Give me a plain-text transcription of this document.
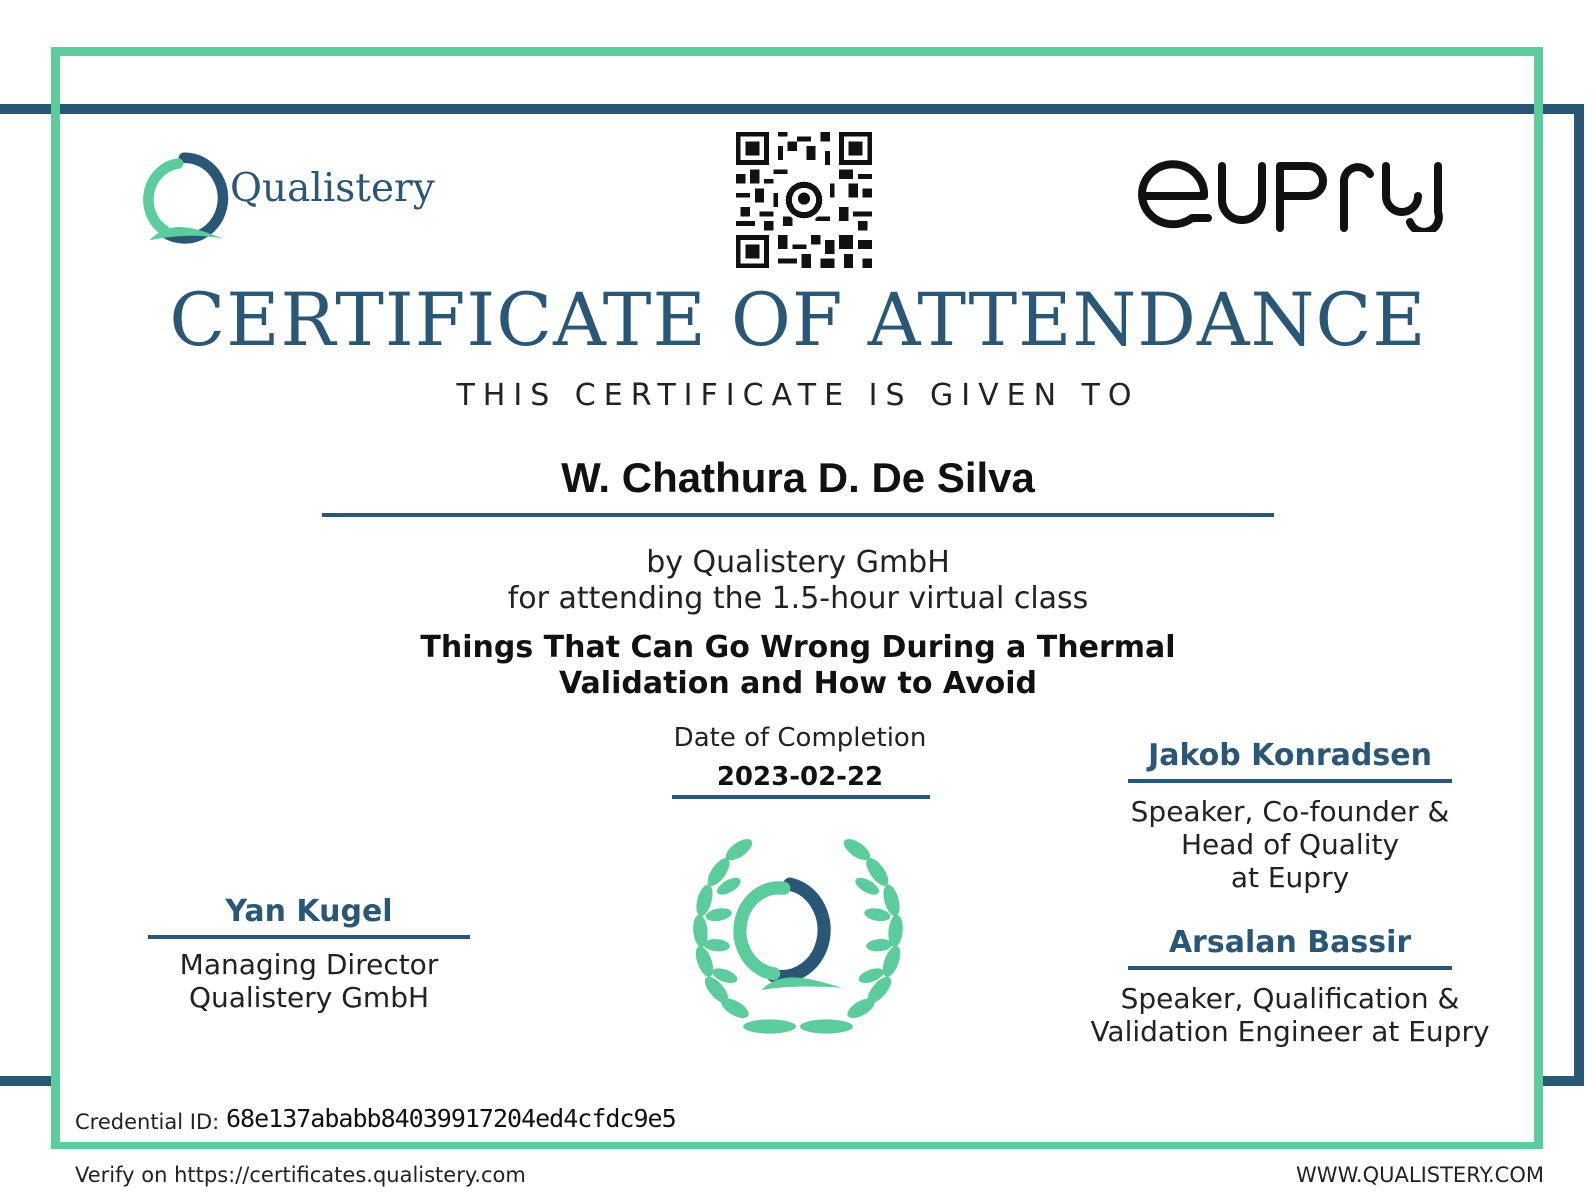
Qualistery
CERTIFICATE OF ATTENDANCE
THIS CERTIFICATE IS GIVEN TO
W. Chathura D. De Silva
by Qualistery GmbH
for attending the 1.5-hour virtual class
Things That Can Go Wrong During a Thermal
Validation and How to Avoid
Date of Completion
2023-02-22
Yan Kugel
Managing Director
Qualistery GmbH
Jakob Konradsen
Speaker, Co-founder &
Head of Quality
at Eupry
Arsalan Bassir
Speaker, Qualification &
Validation Engineer at Eupry
Credential ID: 68e137ababb84039917204ed4cfdc9e5
Verify on https://certificates.qualistery.com	WWW.QUALISTERY.COM
